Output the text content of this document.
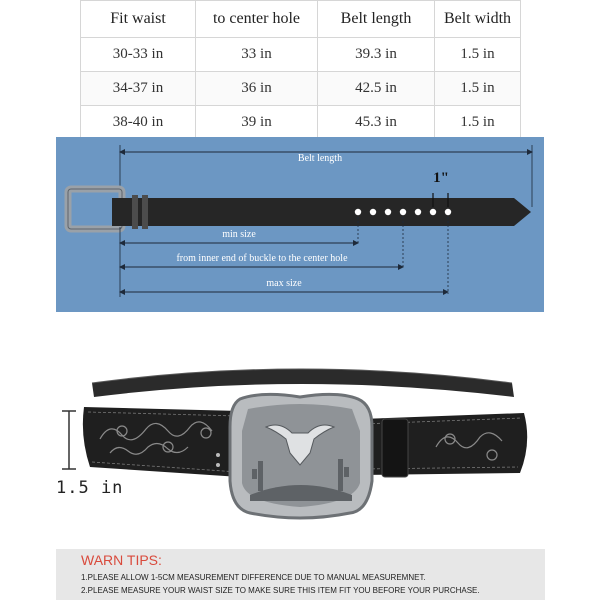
Fit waist	to center hole	Belt length	Belt width
30-33 in	33 in	39.3 in	1.5 in
34-37 in	36 in	42.5 in	1.5 in
38-40 in	39 in	45.3 in	1.5 in
Belt length
1"
min size
from inner end of buckle to the center hole
max size
1.5 in
WARN TIPS:
1.PLEASE ALLOW 1-5CM MEASUREMENT DIFFERENCE DUE TO MANUAL MEASUREMNET.
2.PLEASE MEASURE YOUR WAIST SIZE TO MAKE SURE THIS ITEM FIT YOU BEFORE YOUR PURCHASE.
